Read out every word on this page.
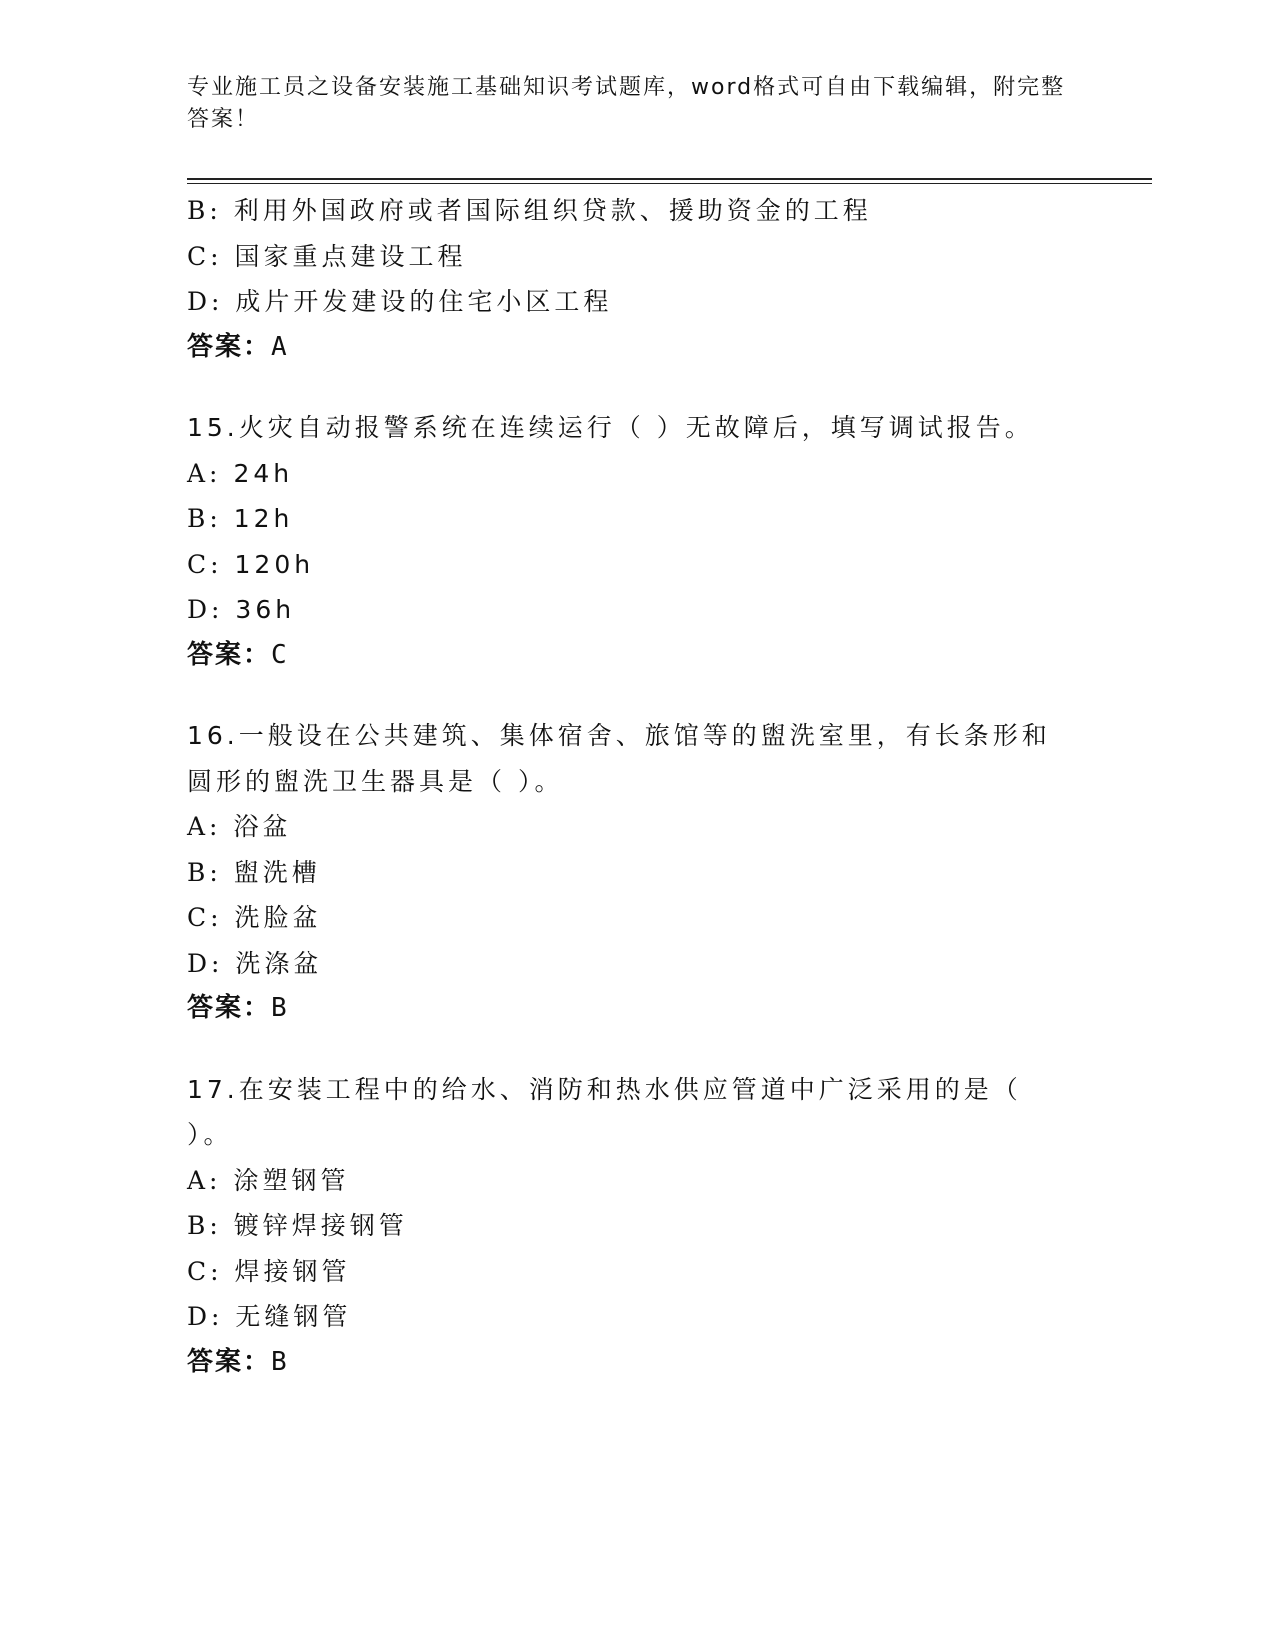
专业施工员之设备安装施工基础知识考试题库，word格式可自由下载编辑，附完整答案！
B: 利用外国政府或者国际组织贷款、援助资金的工程
C: 国家重点建设工程
D: 成片开发建设的住宅小区工程
答案：A
15.火灾自动报警系统在连续运行（ ）无故障后，填写调试报告。
A: 24h
B: 12h
C: 120h
D: 36h
答案：C
16.一般设在公共建筑、集体宿舍、旅馆等的盥洗室里，有长条形和圆形的盥洗卫生器具是（ ）。
A: 浴盆
B: 盥洗槽
C: 洗脸盆
D: 洗涤盆
答案：B
17.在安装工程中的给水、消防和热水供应管道中广泛采用的是（ ）。
A: 涂塑钢管
B: 镀锌焊接钢管
C: 焊接钢管
D: 无缝钢管
答案：B
